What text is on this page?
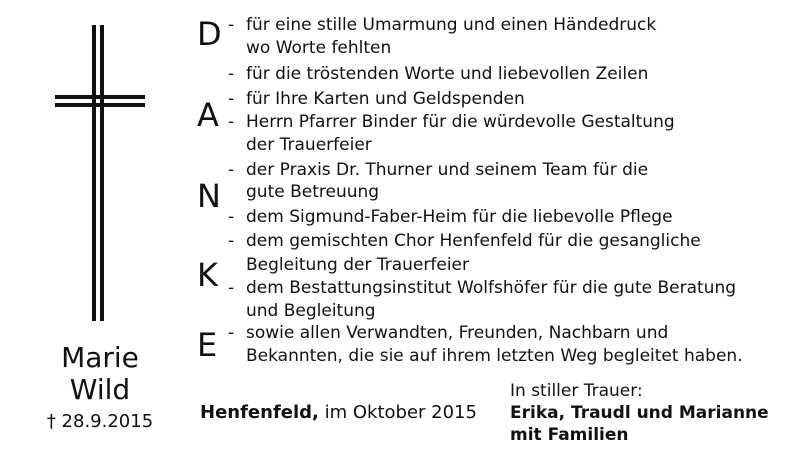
Marie
Wild
† 28.9.2015
D
A
N
K
E
- für eine stille Umarmung und einen Händedruck
wo Worte fehlten
- für die tröstenden Worte und liebevollen Zeilen
- für Ihre Karten und Geldspenden
- Herrn Pfarrer Binder für die würdevolle Gestaltung
der Trauerfeier
- der Praxis Dr. Thurner und seinem Team für die
gute Betreuung
- dem Sigmund-Faber-Heim für die liebevolle Pflege
- dem gemischten Chor Henfenfeld für die gesangliche
Begleitung der Trauerfeier
- dem Bestattungsinstitut Wolfshöfer für die gute Beratung
und Begleitung
- sowie allen Verwandten, Freunden, Nachbarn und
Bekannten, die sie auf ihrem letzten Weg begleitet haben.
Henfenfeld, im Oktober 2015
In stiller Trauer:
Erika, Traudl und Marianne
mit Familien
